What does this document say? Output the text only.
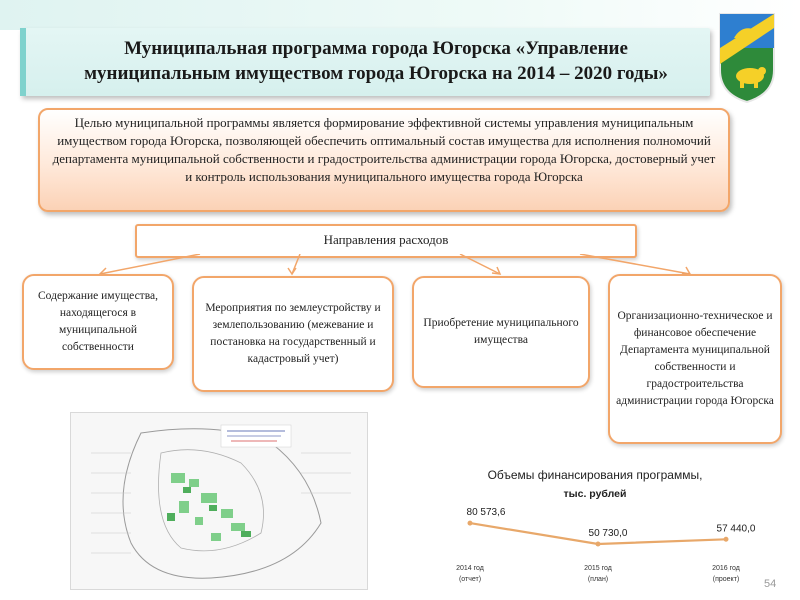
Муниципальная программа города Югорска «Управление
муниципальным имуществом города Югорска на 2014 – 2020 годы»
Целью муниципальной программы является формирование эффективной системы управления муниципальным имуществом города Югорска, позволяющей обеспечить оптимальный состав имущества для исполнения полномочий департамента муниципальной собственности и градостроительства администрации города Югорска, достоверный учет и контроль использования муниципального имущества города Югорска
Направления расходов
Содержание имущества, находящегося в муниципальной собственности
Мероприятия по землеустройству и землепользованию (межевание и постановка на государственный и кадастровый учет)
Приобретение муниципального имущества
Организационно-техническое и финансовое обеспечение Департамента муниципальной собственности и градостроительства администрации города Югорска
Объемы финансирования программы,
тыс. рублей
80 573,6
2014 год
(отчет)
50 730,0
2015 год
(план)
57 440,0
2016 год
(проект) 54
